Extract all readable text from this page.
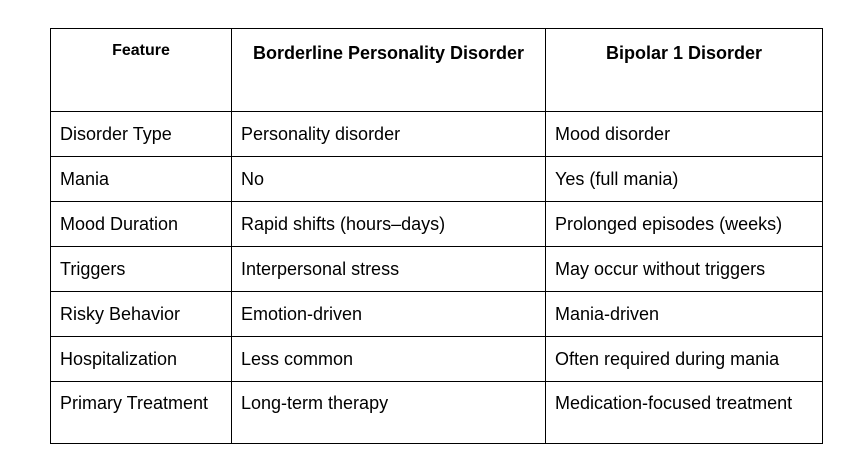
Feature	Borderline Personality Disorder	Bipolar 1 Disorder
Disorder Type	Personality disorder	Mood disorder
Mania	No	Yes (full mania)
Mood Duration	Rapid shifts (hours–days)	Prolonged episodes (weeks)
Triggers	Interpersonal stress	May occur without triggers
Risky Behavior	Emotion-driven	Mania-driven
Hospitalization	Less common	Often required during mania
Primary Treatment	Long-term therapy	Medication-focused treatment
